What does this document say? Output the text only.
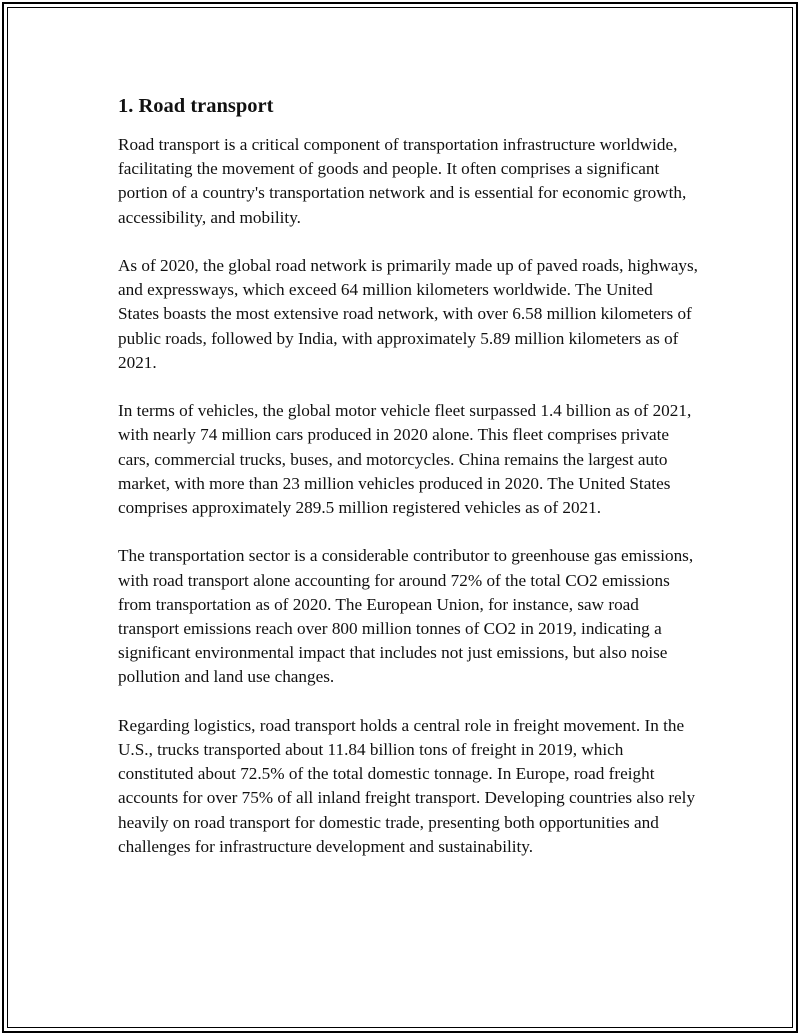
1. Road transport

Road transport is a critical component of transportation infrastructure worldwide, facilitating the movement of goods and people. It often comprises a significant portion of a country's transportation network and is essential for economic growth, accessibility, and mobility.

As of 2020, the global road network is primarily made up of paved roads, highways, and expressways, which exceed 64 million kilometers worldwide. The United States boasts the most extensive road network, with over 6.58 million kilometers of public roads, followed by India, with approximately 5.89 million kilometers as of 2021.

In terms of vehicles, the global motor vehicle fleet surpassed 1.4 billion as of 2021, with nearly 74 million cars produced in 2020 alone. This fleet comprises private cars, commercial trucks, buses, and motorcycles. China remains the largest auto market, with more than 23 million vehicles produced in 2020. The United States comprises approximately 289.5 million registered vehicles as of 2021.

The transportation sector is a considerable contributor to greenhouse gas emissions, with road transport alone accounting for around 72% of the total CO2 emissions from transportation as of 2020. The European Union, for instance, saw road transport emissions reach over 800 million tonnes of CO2 in 2019, indicating a significant environmental impact that includes not just emissions, but also noise pollution and land use changes.

Regarding logistics, road transport holds a central role in freight movement. In the U.S., trucks transported about 11.84 billion tons of freight in 2019, which constituted about 72.5% of the total domestic tonnage. In Europe, road freight accounts for over 75% of all inland freight transport. Developing countries also rely heavily on road transport for domestic trade, presenting both opportunities and challenges for infrastructure development and sustainability.
